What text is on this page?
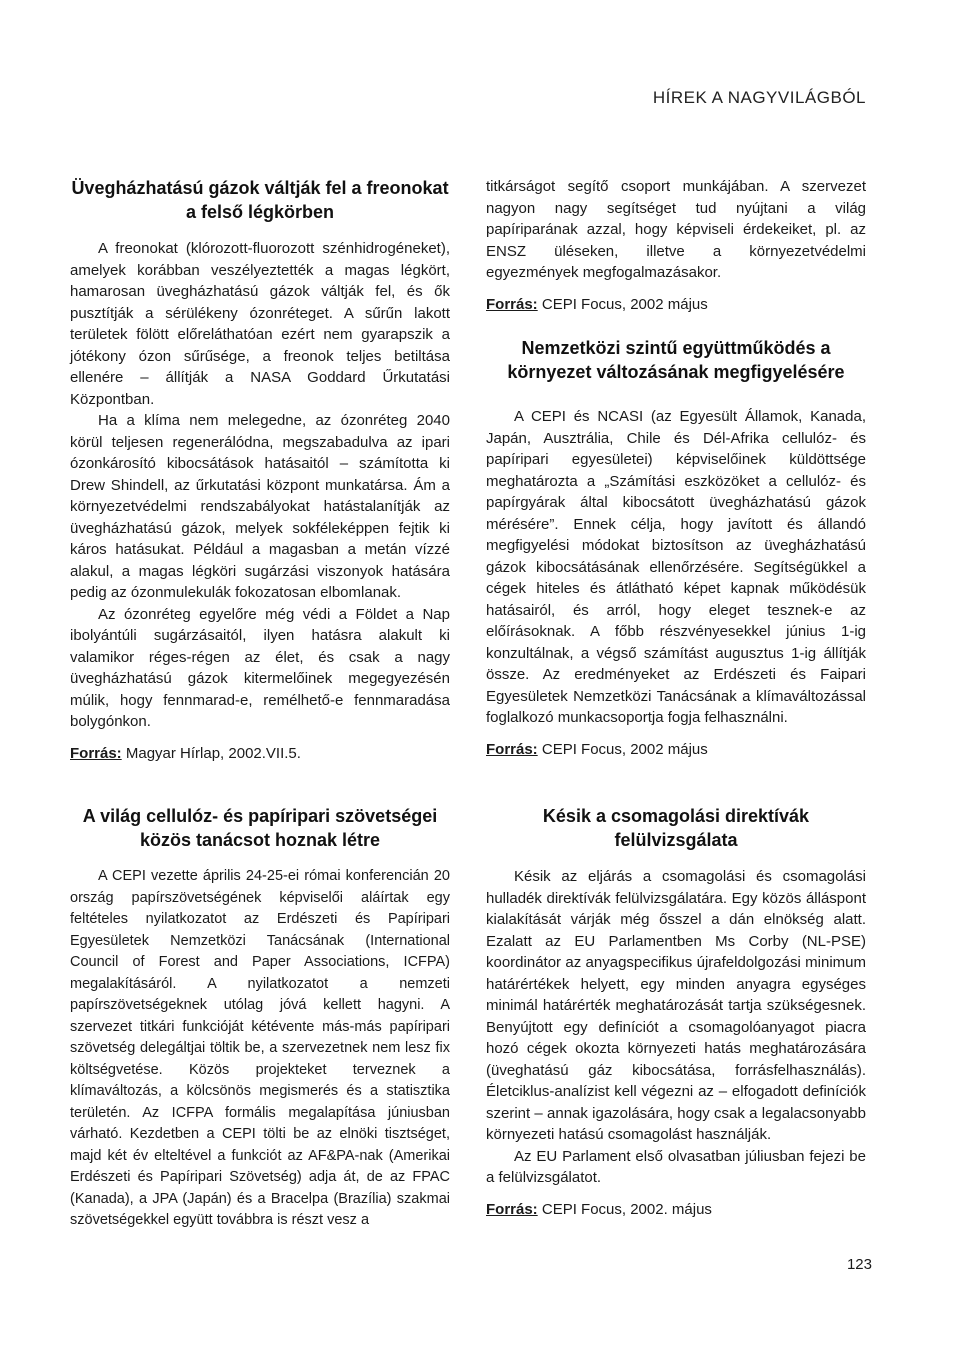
HÍREK A NAGYVILÁGBÓL
Üvegházhatású gázok váltják fel a freonokat a felső légkörben

A freonokat (klórozott-fluorozott szénhidrogéneket), amelyek korábban veszélyeztették a magas légkört, hamarosan üvegházhatású gázok váltják fel, és ők pusztítják a sérülékeny ózonréteget. A sűrűn lakott területek fölött előreláthatóan ezért nem gyarapszik a jótékony ózon sűrűsége, a freonok teljes betiltása ellenére – állítják a NASA Goddard Űrkutatási Központban.

Ha a klíma nem melegedne, az ózonréteg 2040 körül teljesen regenerálódna, megszabadulva az ipari ózonkárosító kibocsátások hatásaitól – számította ki Drew Shindell, az űrkutatási központ munkatársa. Ám a környezetvédelmi rendszabályokat hatástalanítják az üvegházhatású gázok, melyek sokféleképpen fejtik ki káros hatásukat. Például a magasban a metán vízzé alakul, a magas légköri sugárzási viszonyok hatására pedig az ózonmulekulák fokozatosan elbomlanak.

Az ózonréteg egyelőre még védi a Földet a Nap ibolyántúli sugárzásaitól, ilyen hatásra alakult ki valamikor réges-régen az élet, és csak a nagy üvegházhatású gázok kitermelőinek megegyezésén múlik, hogy fennmarad-e, remélhető-e fennmaradása bolygónkon.

Forrás: Magyar Hírlap, 2002.VII.5.

A világ cellulóz- és papíripari szövetségei közös tanácsot hoznak létre

A CEPI vezette április 24-25-ei római konferencián 20 ország papírszövetségének képviselői aláírtak egy feltételes nyilatkozatot az Erdészeti és Papíripari Egyesületek Nemzetközi Tanácsának (International Council of Forest and Paper Associations, ICFPA) megalakításáról. A nyilatkozatot a nemzeti papírszövetségeknek utólag jóvá kellett hagyni. A szervezet titkári funkcióját kétévente más-más papíripari szövetség delegáltjai töltik be, a szervezetnek nem lesz fix költségvetése. Közös projekteket terveznek a klímaváltozás, a kölcsönös megismerés és a statisztika területén. Az ICFPA formális megalapítása júniusban várható. Kezdetben a CEPI tölti be az elnöki tisztséget, majd két év elteltével a funkciót az AF&PA-nak (Amerikai Erdészeti és Papíripari Szövetség) adja át, de az FPAC (Kanada), a JPA (Japán) és a Bracelpa (Brazília) szakmai szövetségekkel együtt továbbra is részt vesz a

titkárságot segítő csoport munkájában. A szervezet nagyon nagy segítséget tud nyújtani a világ papíriparának azzal, hogy képviseli érdekeiket, pl. az ENSZ üléseken, illetve a környezetvédelmi egyezmények megfogalmazásakor.

Forrás: CEPI Focus, 2002 május

Nemzetközi szintű együttműködés a környezet változásának megfigyelésére

A CEPI és NCASI (az Egyesült Államok, Kanada, Japán, Ausztrália, Chile és Dél-Afrika cellulóz- és papíripari egyesületei) képviselőinek küldöttsége meghatározta a „Számítási eszközöket a cellulóz- és papírgyárak által kibocsátott üvegházhatású gázok mérésére”. Ennek célja, hogy javított és állandó megfigyelési módokat biztosítson az üvegházhatású gázok kibocsátásának ellenőrzésére. Segítségükkel a cégek hiteles és átlátható képet kapnak működésük hatásairól, és arról, hogy eleget tesznek-e az előírásoknak. A főbb részvényesekkel június 1-ig konzultálnak, a végső számítást augusztus 1-ig állítják össze. Az eredményeket az Erdészeti és Faipari Egyesületek Nemzetközi Tanácsának a klímaváltozással foglalkozó munkacsoportja fogja felhasználni.

Forrás: CEPI Focus, 2002 május

Késik a csomagolási direktívák felülvizsgálata

Késik az eljárás a csomagolási és csomagolási hulladék direktívák felülvizsgálatára. Egy közös álláspont kialakítását várják még ősszel a dán elnökség alatt. Ezalatt az EU Parlamentben Ms Corby (NL-PSE) koordinátor az anyagspecifikus újrafeldolgozási minimum határértékek helyett, egy minden anyagra egységes minimál határérték meghatározását tartja szükségesnek. Benyújtott egy definíciót a csomagolóanyagot piacra hozó cégek okozta környezeti hatás meghatározására (üveghatású gáz kibocsátása, forrásfelhasználás). Életciklus-analízist kell végezni az – elfogadott definíciók szerint – annak igazolására, hogy csak a legalacsonyabb környezeti hatású csomagolást használják.

Az EU Parlament első olvasatban júliusban fejezi be a felülvizsgálatot.

Forrás: CEPI Focus, 2002. május

123
